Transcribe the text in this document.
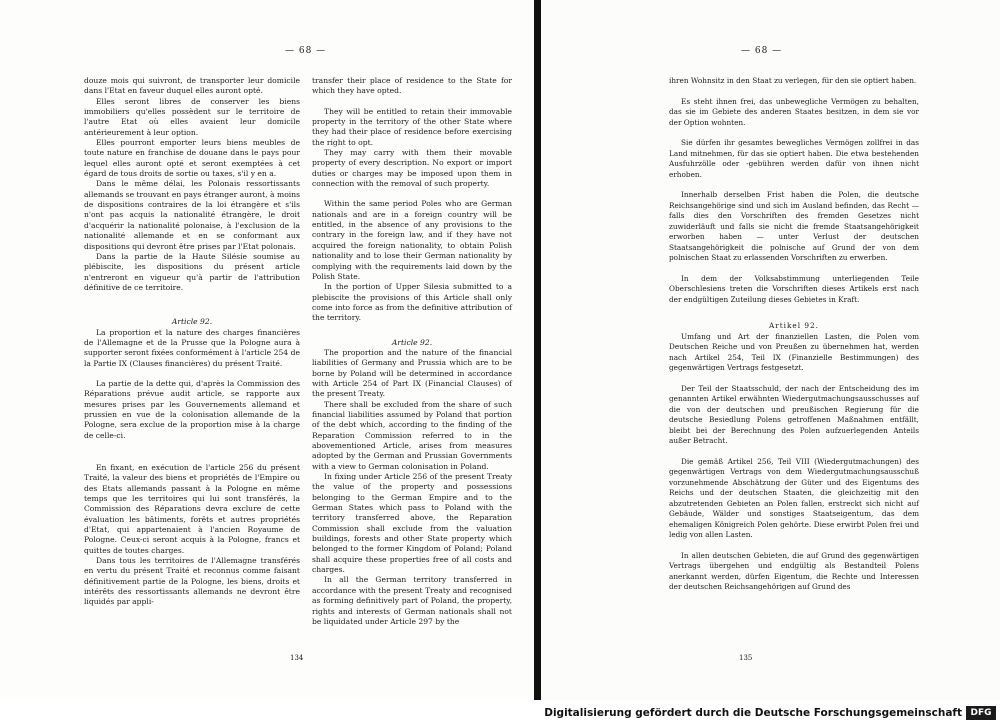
— 68 —

douze mois qui suivront, de transporter leur domicile dans l'Etat en faveur duquel elles auront opté.

Elles seront libres de conserver les biens immobiliers qu'elles possèdent sur le territoire de l'autre Etat où elles avaient leur domicile antérieurement à leur option.

Elles pourront emporter leurs biens meubles de toute nature en franchise de douane dans le pays pour lequel elles auront opté et seront exemptées à cet égard de tous droits de sortie ou taxes, s'il y en a.

Dans le même délai, les Polonais ressortissants allemands se trouvant en pays étranger auront, à moins de dispositions contraires de la loi étrangère et s'ils n'ont pas acquis la nationalité étrangère, le droit d'acquérir la nationalité polonaise, à l'exclusion de la nationalité allemande et en se conformant aux dispositions qui devront être prises par l'Etat polonais.

Dans la partie de la Haute Silésie soumise au plébiscite, les dispositions du présent article n'entreront en vigueur qu'à partir de l'attribution définitive de ce territoire.

Article 92.

La proportion et la nature des charges financières de l'Allemagne et de la Prusse que la Pologne aura à supporter seront fixées conformément à l'article 254 de la Partie IX (Clauses financières) du présent Traité.

La partie de la dette qui, d'après la Commission des Réparations prévue audit article, se rapporte aux mesures prises par les Gouvernements allemand et prussien en vue de la colonisation allemande de la Pologne, sera exclue de la proportion mise à la charge de celle-ci.

En fixant, en exécution de l'article 256 du présent Traité, la valeur des biens et propriétés de l'Empire ou des Etats allemands passant à la Pologne en même temps que les territoires qui lui sont transférés, la Commission des Réparations devra exclure de cette évaluation les bâtiments, forêts et autres propriétés d'Etat, qui appartenaient à l'ancien Royaume de Pologne. Ceux-ci seront acquis à la Pologne, francs et quittes de toutes charges.

Dans tous les territoires de l'Allemagne transférés en vertu du présent Traité et reconnus comme faisant définitivement partie de la Pologne, les biens, droits et intérêts des ressortissants allemands ne devront être liquidés par appli-

transfer their place of residence to the State for which they have opted.

They will be entitled to retain their immovable property in the territory of the other State where they had their place of residence before exercising the right to opt.

They may carry with them their movable property of every description. No export or import duties or charges may be imposed upon them in connection with the removal of such property.

Within the same period Poles who are German nationals and are in a foreign country will be entitled, in the absence of any provisions to the contrary in the foreign law, and if they have not acquired the foreign nationality, to obtain Polish nationality and to lose their German nationality by complying with the requirements laid down by the Polish State.

In the portion of Upper Silesia submitted to a plebiscite the provisions of this Article shall only come into force as from the definitive attribution of the territory.

Article 92.

The proportion and the nature of the financial liabilities of Germany and Prussia which are to be borne by Poland will be determined in accordance with Article 254 of Part IX (Financial Clauses) of the present Treaty.

There shall be excluded from the share of such financial liabilities assumed by Poland that portion of the debt which, according to the finding of the Reparation Commission referred to in the abovementioned Article, arises from measures adopted by the German and Prussian Governments with a view to German colonisation in Poland.

In fixing under Article 256 of the present Treaty the value of the property and possessions belonging to the German Empire and to the German States which pass to Poland with the territory transferred above, the Reparation Commission shall exclude from the valuation buildings, forests and other State property which belonged to the former Kingdom of Poland; Poland shall acquire these properties free of all costs and charges.

In all the German territory transferred in accordance with the present Treaty and recognised as forming definitively part of Poland, the property, rights and interests of German nationals shall not be liquidated under Article 297 by the

134
— 68 —

ihren Wohnsitz in den Staat zu verlegen, für den sie optiert haben.

Es steht ihnen frei, das unbewegliche Vermögen zu behalten, das sie im Gebiete des anderen Staates besitzen, in dem sie vor der Option wohnten.

Sie dürfen ihr gesamtes bewegliches Vermögen zollfrei in das Land mitnehmen, für das sie optiert haben. Die etwa bestehenden Ausfuhrzölle oder -gebühren werden dafür von ihnen nicht erhoben.

Innerhalb derselben Frist haben die Polen, die deutsche Reichsangehörige sind und sich im Ausland befinden, das Recht — falls dies den Vorschriften des fremden Gesetzes nicht zuwiderläuft und falls sie nicht die fremde Staatsangehörigkeit erworben haben — unter Verlust der deutschen Staatsangehörigkeit die polnische auf Grund der von dem polnischen Staat zu erlassenden Vorschriften zu erwerben.

In dem der Volksabstimmung unterliegenden Teile Oberschlesiens treten die Vorschriften dieses Artikels erst nach der endgültigen Zuteilung dieses Gebietes in Kraft.

Artikel 92.

Umfang und Art der finanziellen Lasten, die Polen vom Deutschen Reiche und von Preußen zu übernehmen hat, werden nach Artikel 254, Teil IX (Finanzielle Bestimmungen) des gegenwärtigen Vertrags festgesetzt.

Der Teil der Staatsschuld, der nach der Entscheidung des im genannten Artikel erwähnten Wiedergutmachungsausschusses auf die von der deutschen und preußischen Regierung für die deutsche Besiedlung Polens getroffenen Maßnahmen entfällt, bleibt bei der Berechnung des Polen aufzuerlegenden Anteils außer Betracht.

Die gemäß Artikel 256, Teil VIII (Wiedergutmachungen) des gegenwärtigen Vertrags von dem Wiedergutmachungsausschuß vorzunehmende Abschätzung der Güter und des Eigentums des Reichs und der deutschen Staaten, die gleichzeitig mit den abzutretenden Gebieten an Polen fallen, erstreckt sich nicht auf Gebäude, Wälder und sonstiges Staatseigentum, das dem ehemaligen Königreich Polen gehörte. Diese erwirbt Polen frei und ledig von allen Lasten.

In allen deutschen Gebieten, die auf Grund des gegenwärtigen Vertrags übergehen und endgültig als Bestandteil Polens anerkannt werden, dürfen Eigentum, die Rechte und Interessen der deutschen Reichsangehörigen auf Grund des

135
Digitalisierung gefördert durch die Deutsche Forschungsgemeinschaft DFG
